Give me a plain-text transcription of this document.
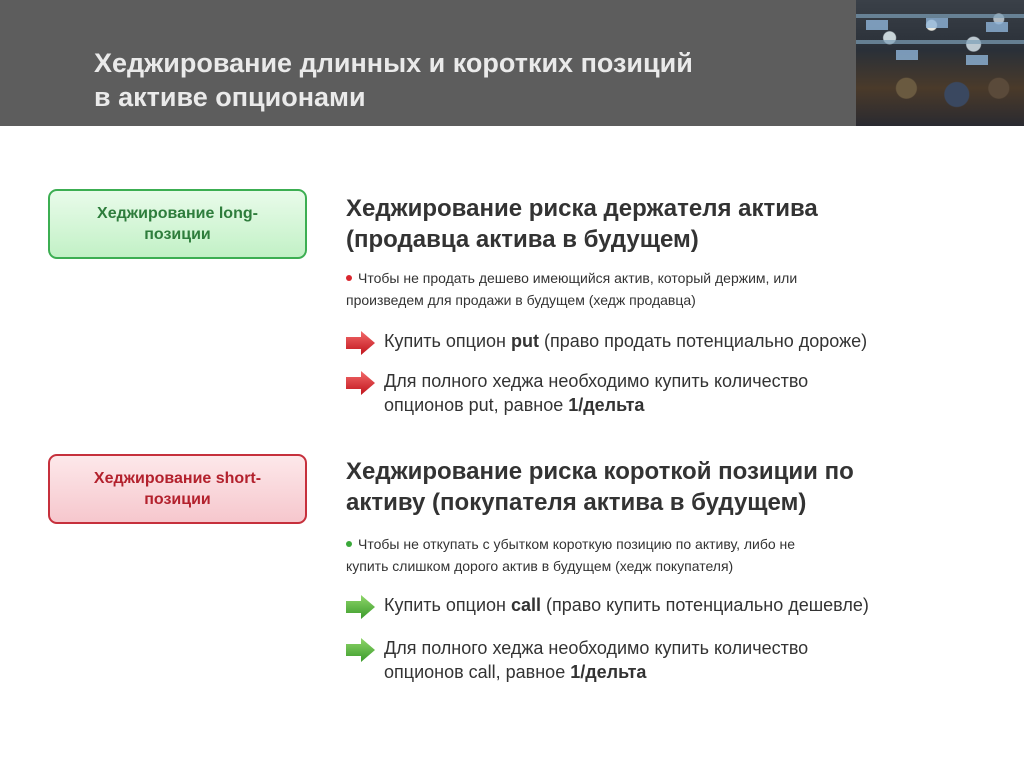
Хеджирование длинных и коротких позиций
в активе опционами
Хеджирование long-
позиции
Хеджирование риска держателя актива
(продавца актива в будущем)
Чтобы не продать дешево имеющийся актив, который держим, или
произведем для продажи в будущем (хедж продавца)
Купить опцион put (право продать потенциально дороже)
Для полного хеджа необходимо купить количество
опционов put, равное 1/дельта
Хеджирование short-
позиции
Хеджирование риска короткой позиции по
активу (покупателя актива в будущем)
Чтобы не откупать с убытком короткую позицию по активу, либо не
купить слишком дорого актив в будущем (хедж покупателя)
Купить опцион call (право купить потенциально дешевле)
Для полного хеджа необходимо купить количество
опционов call, равное 1/дельта
